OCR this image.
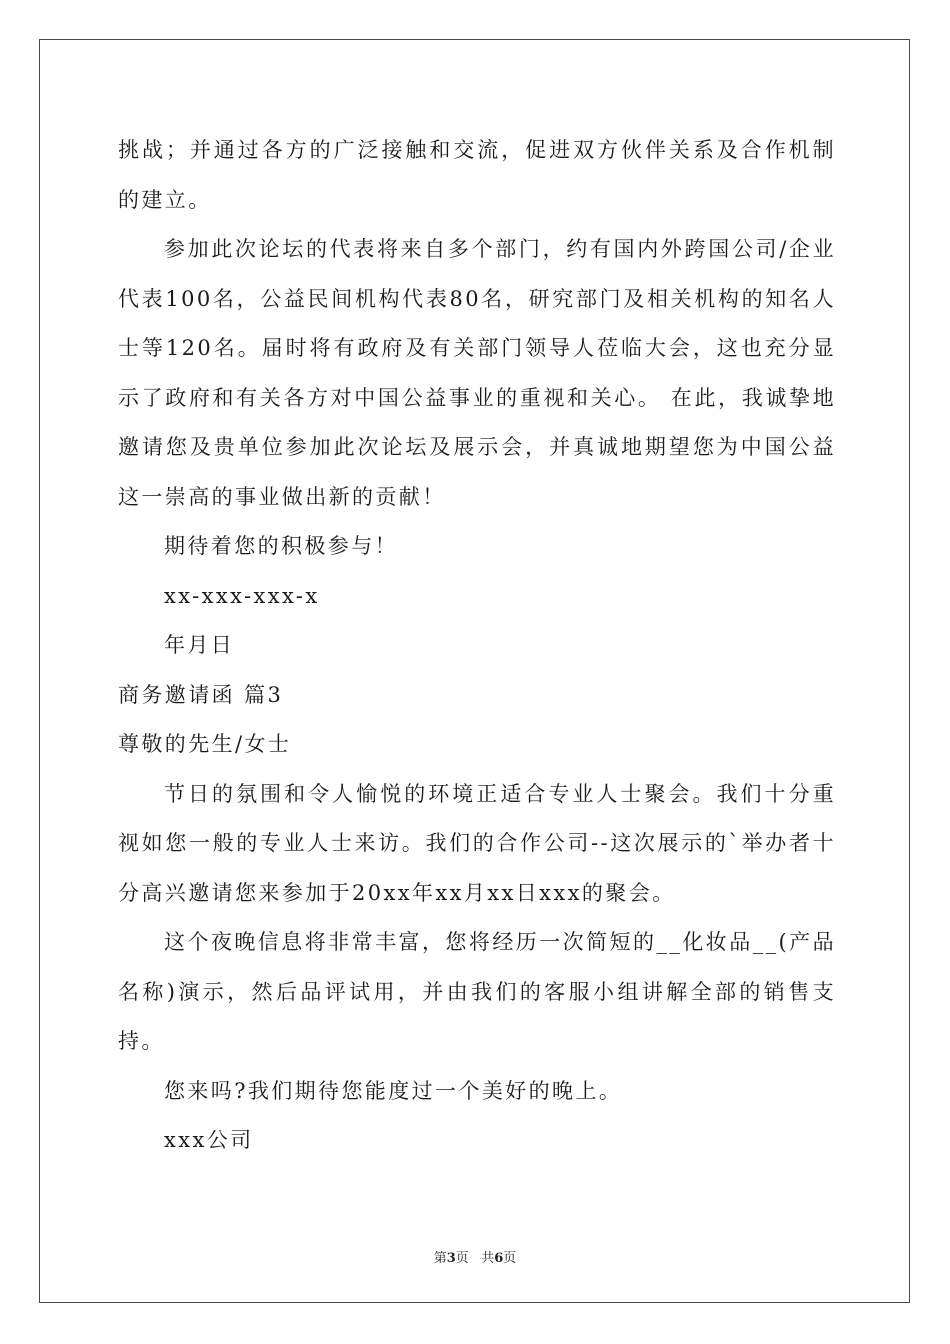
挑战；并通过各方的广泛接触和交流，促进双方伙伴关系及合作机制的建立。

参加此次论坛的代表将来自多个部门，约有国内外跨国公司/企业代表100名，公益民间机构代表80名，研究部门及相关机构的知名人士等120名。届时将有政府及有关部门领导人莅临大会，这也充分显示了政府和有关各方对中国公益事业的重视和关心。 在此，我诚挚地邀请您及贵单位参加此次论坛及展示会，并真诚地期望您为中国公益这一崇高的事业做出新的贡献！

期待着您的积极参与！

xx-xxx-xxx-x

年月日

商务邀请函 篇3

尊敬的先生/女士

节日的氛围和令人愉悦的环境正适合专业人士聚会。我们十分重视如您一般的专业人士来访。我们的合作公司--这次展示的`举办者十分高兴邀请您来参加于20xx年xx月xx日xxx的聚会。

这个夜晚信息将非常丰富，您将经历一次简短的__化妆品__(产品名称)演示，然后品评试用，并由我们的客服小组讲解全部的销售支持。

您来吗?我们期待您能度过一个美好的晚上。

xxx公司

第3页   共6页
